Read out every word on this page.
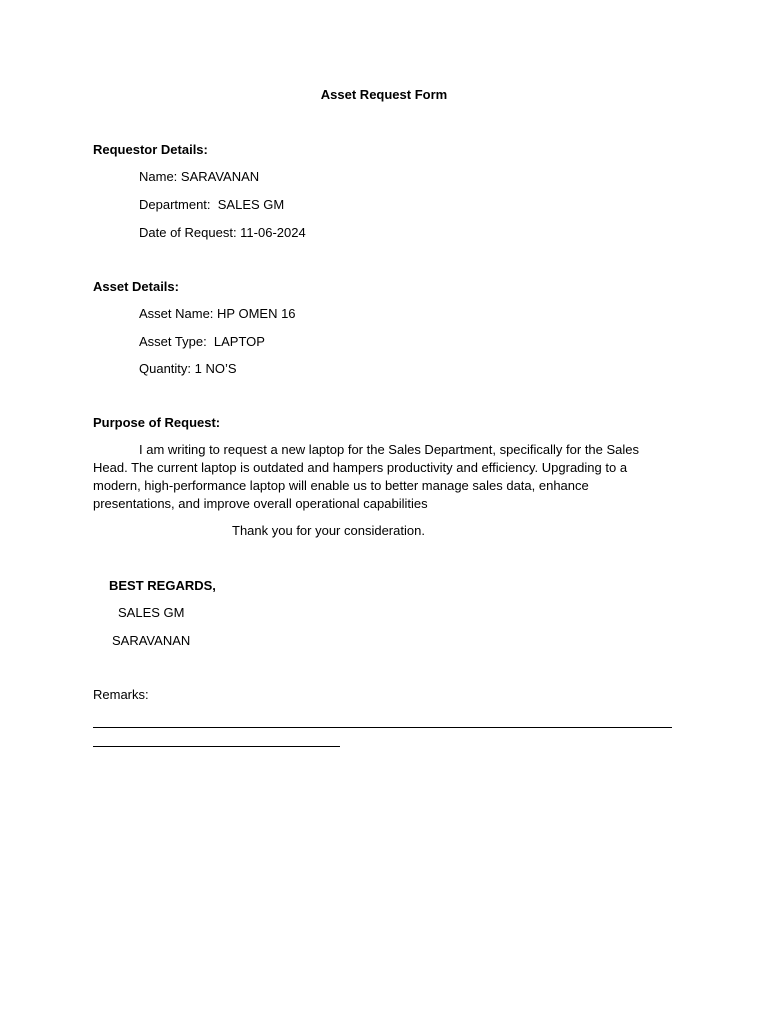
Asset Request Form
Requestor Details:
Name: SARAVANAN
Department:  SALES GM
Date of Request: 11-06-2024
Asset Details:
Asset Name: HP OMEN 16
Asset Type:  LAPTOP
Quantity: 1 NO’S
Purpose of Request:
I am writing to request a new laptop for the Sales Department, specifically for the Sales Head. The current laptop is outdated and hampers productivity and efficiency. Upgrading to a modern, high-performance laptop will enable us to better manage sales data, enhance presentations, and improve overall operational capabilities
Thank you for your consideration.
BEST REGARDS,
SALES GM
SARAVANAN
Remarks:
